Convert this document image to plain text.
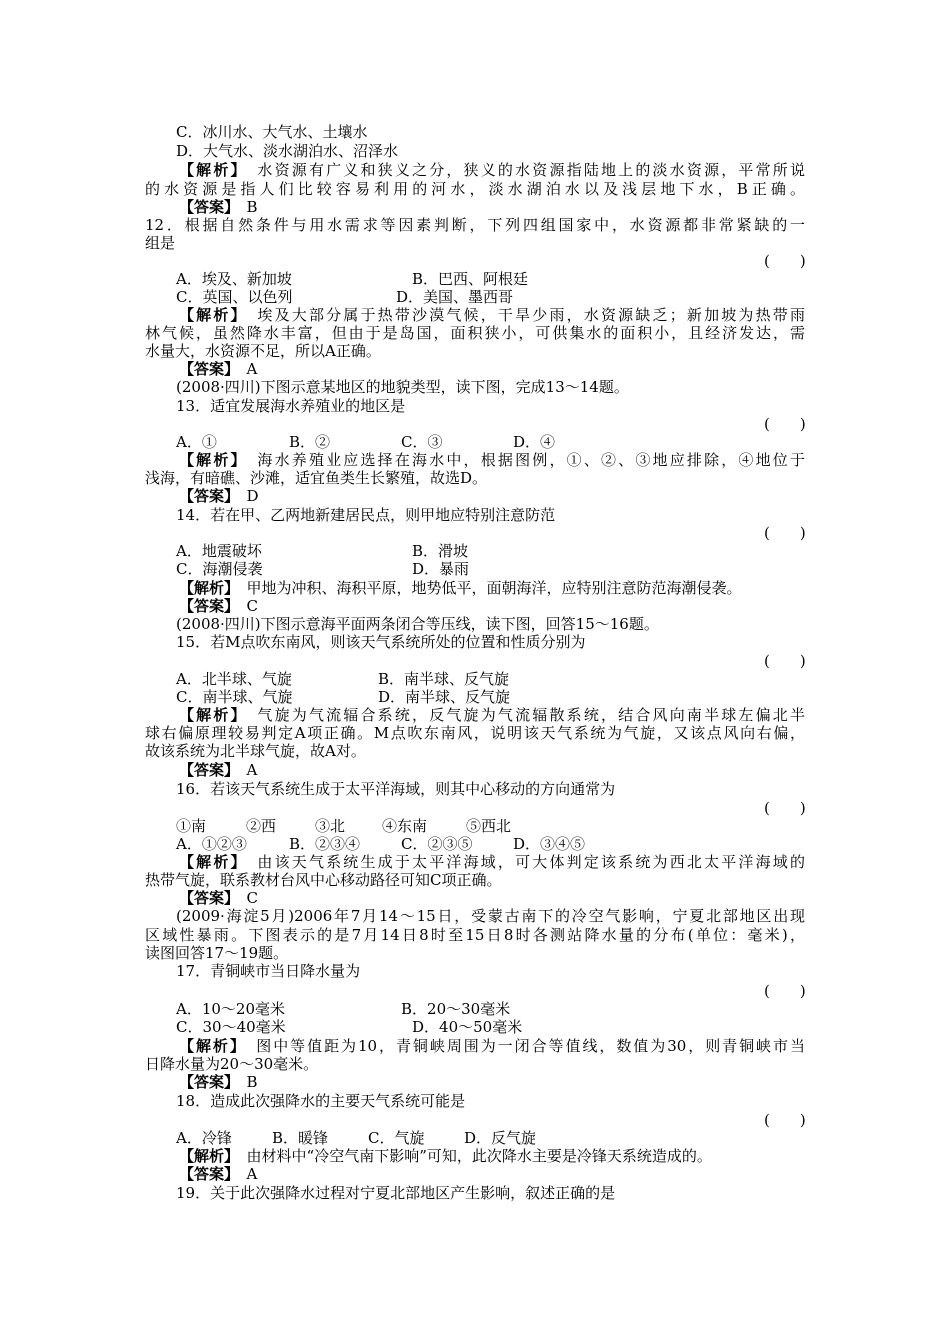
C．冰川水、大气水、土壤水
D．大气水、淡水湖泊水、沼泽水
【解析】　 水资源有广义和狭义之分，狭义的水资源指陆地上的淡水资源，平常所说
的水资源是指人们比较容易利用的河水，淡水湖泊水以及浅层地下水，B正确。
【答案】　 B
12．根据自然条件与用水需求等因素判断，下列四组国家中，水资源都非常紧缺的一
组是
(　　)
A．埃及、新加坡	B．巴西、阿根廷
C．英国、以色列	D．美国、墨西哥
【解析】　 埃及大部分属于热带沙漠气候，干旱少雨，水资源缺乏；新加坡为热带雨
林气候，虽然降水丰富，但由于是岛国，面积狭小，可供集水的面积小，且经济发达，需
水量大，水资源不足，所以A正确。
【答案】　 A
(2008·四川)下图示意某地区的地貌类型，读下图，完成13～14题。
13．适宜发展海水养殖业的地区是
(　　)
A．①	B．②	C．③	D．④
【解析】　 海水养殖业应选择在海水中，根据图例，①、②、③地应排除，④地位于
浅海，有暗礁、沙滩，适宜鱼类生长繁殖，故选D。
【答案】　 D
14．若在甲、乙两地新建居民点，则甲地应特别注意防范
(　　)
A．地震破坏	B．滑坡
C．海潮侵袭	D．暴雨
【解析】　 甲地为冲积、海积平原，地势低平，面朝海洋，应特别注意防范海潮侵袭。
【答案】　 C
(2008·四川)下图示意海平面两条闭合等压线，读下图，回答15～16题。
15．若M点吹东南风，则该天气系统所处的位置和性质分别为
(　　)
A．北半球、气旋	B．南半球、反气旋
C．南半球、气旋	D．南半球、反气旋
【解析】　 气旋为气流辐合系统，反气旋为气流辐散系统，结合风向南半球左偏北半
球右偏原理较易判定A项正确。M点吹东南风，说明该天气系统为气旋，又该点风向右偏，
故该系统为北半球气旋，故A对。
【答案】　 A
16．若该天气系统生成于太平洋海域，则其中心移动的方向通常为
(　　)
①南	②西	③北 ④东南	⑤西北
A．①②③	B．②③④	C．②③⑤	D．③④⑤
【解析】　 由该天气系统生成于太平洋海域，可大体判定该系统为西北太平洋海域的
热带气旋，联系教材台风中心移动路径可知C项正确。
【答案】　 C
(2009·海淀5月)2006年7月14～15日，受蒙古南下的冷空气影响，宁夏北部地区出现
区域性暴雨。下图表示的是7月14日8时至15日8时各测站降水量的分布(单位：毫米)，
读图回答17～19题。
17．青铜峡市当日降水量为
(　　)
A．10～20毫米	B．20～30毫米
C．30～40毫米	D．40～50毫米
【解析】　 图中等值距为10，青铜峡周围为一闭合等值线，数值为30，则青铜峡市当
日降水量为20～30毫米。
【答案】　 B
18．造成此次强降水的主要天气系统可能是
(　　)
A．冷锋	B．暖锋	C．气旋	D．反气旋
【解析】　 由材料中“冷空气南下影响”可知，此次降水主要是冷锋天系统造成的。
【答案】　 A
19．关于此次强降水过程对宁夏北部地区产生影响，叙述正确的是
